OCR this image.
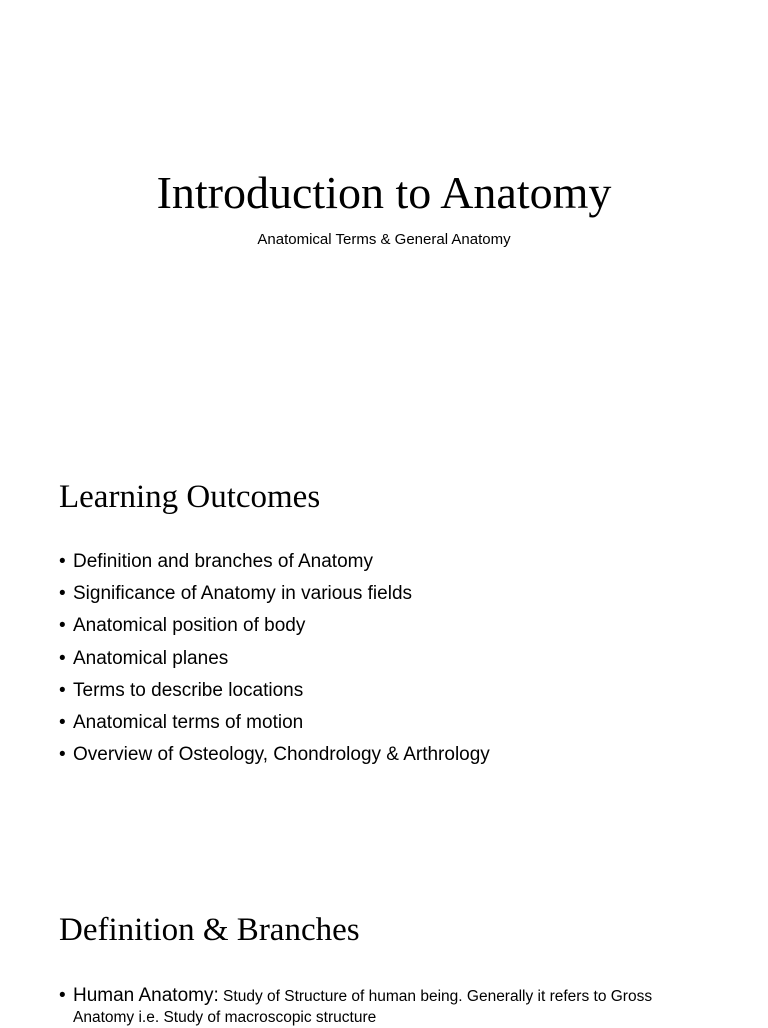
Introduction to Anatomy
Anatomical Terms & General Anatomy
Learning Outcomes
• Definition and branches of Anatomy
• Significance of Anatomy in various fields
• Anatomical position of body
• Anatomical planes
• Terms to describe locations
• Anatomical terms of motion
• Overview of Osteology, Chondrology & Arthrology
Definition & Branches
• Human Anatomy: Study of Structure of human being. Generally it refers to Gross Anatomy i.e. Study of macroscopic structure
